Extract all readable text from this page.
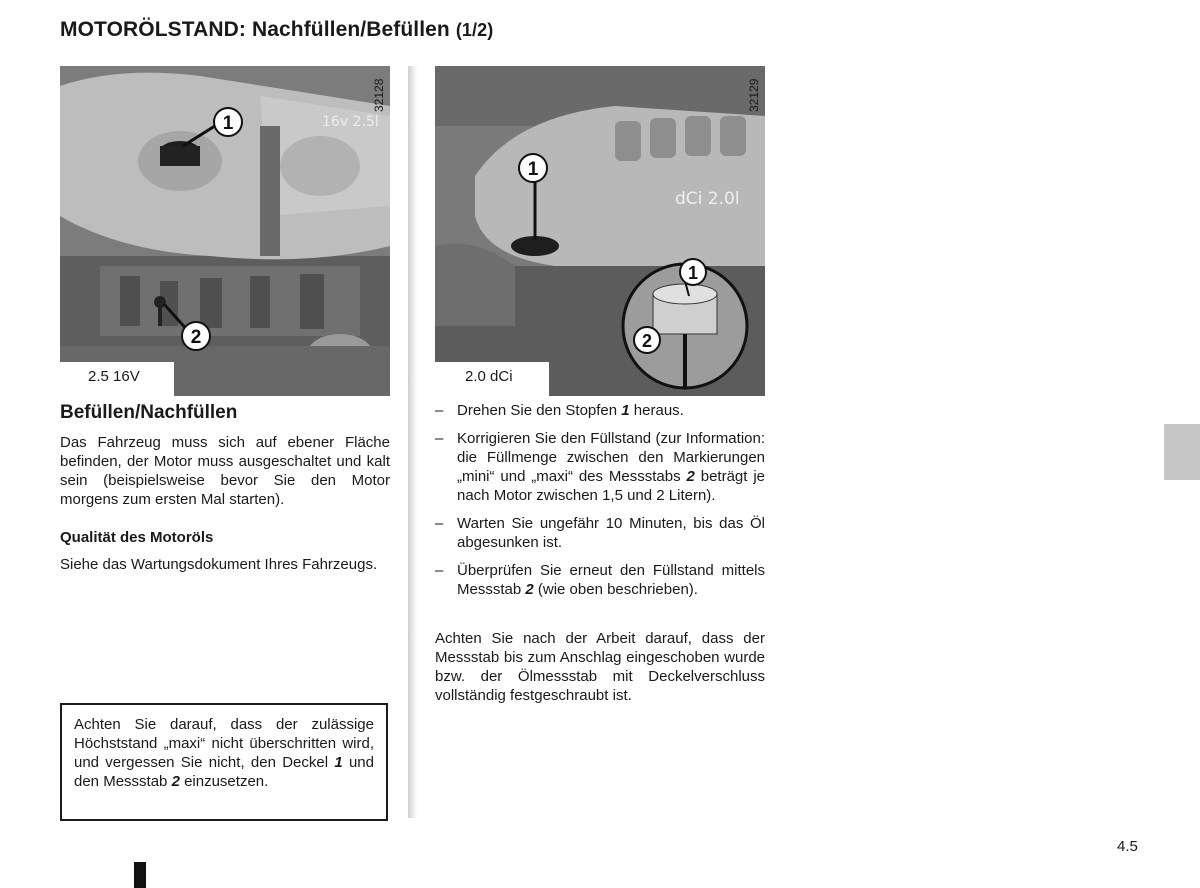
MOTORÖLSTAND: Nachfüllen/Befüllen (1/2)
16v 2.5l
1
2
2.5 16V
32128
dCi 2.0l
1
1
2
2.0 dCi
32129
Befüllen/Nachfüllen
Das Fahrzeug muss sich auf ebener Fläche befinden, der Motor muss ausgeschaltet und kalt sein (beispielsweise bevor Sie den Motor morgens zum ersten Mal starten).
Qualität des Motoröls
Siehe das Wartungsdokument Ihres Fahrzeugs.
Achten Sie darauf, dass der zulässige Höchststand „maxi“ nicht überschritten wird, und vergessen Sie nicht, den Deckel 1 und den Messstab 2 einzusetzen.
– Drehen Sie den Stopfen 1 heraus.
– Korrigieren Sie den Füllstand (zur Information: die Füllmenge zwischen den Markierungen „mini“ und „maxi“ des Messstabs 2 beträgt je nach Motor zwischen 1,5 und 2 Litern).
– Warten Sie ungefähr 10 Minuten, bis das Öl abgesunken ist.
– Überprüfen Sie erneut den Füllstand mittels Messstab 2 (wie oben beschrieben).
Achten Sie nach der Arbeit darauf, dass der Messstab bis zum Anschlag eingeschoben wurde bzw. der Ölmessstab mit Deckelverschluss vollständig festgeschraubt ist.
4.5
